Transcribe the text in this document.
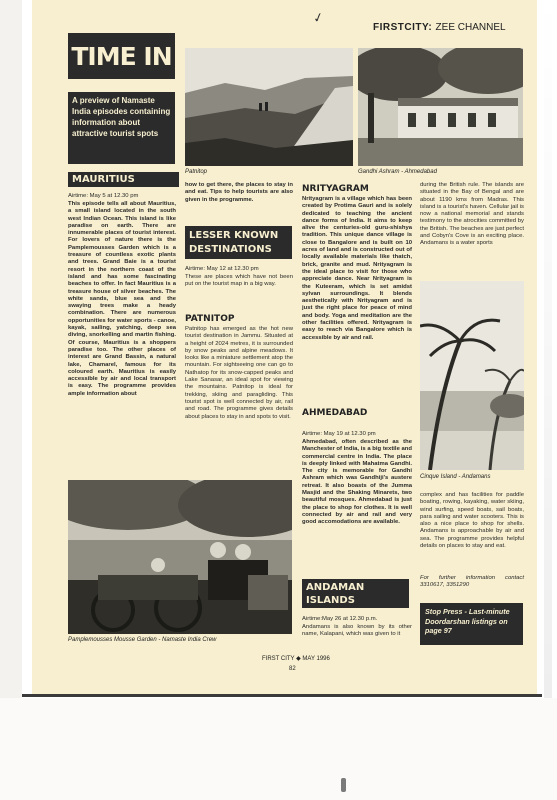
✓
FIRSTCITY: ZEE CHANNEL
TIME IN
A preview of Namaste India episodes containing information about attractive tourist spots
Patnitop	Gandhi Ashram - Ahmedabad
MAURITIUS
Airtime: May 5 at 12.30 pm
This episode tells all about Mauritius, a small island located in the south west Indian Ocean. This island is like paradise on earth. There are innumerable places of tourist interest. For lovers of nature there is the Pamplemousses Garden which is a treasure of countless exotic plants and trees. Grand Baie is a tourist resort in the northern coast of the island and has some fascinating beaches to offer. In fact Mauritius is a treasure house of silver beaches. The white sands, blue sea and the swaying trees make a heady combination. There are numerous opportunities for water sports - canoe, kayak, sailing, yatching, deep sea diving, snorkelling and martin fishing. Of course, Mauritius is a shoppers paradise too. The other places of interest are Grand Bassin, a natural lake, Chamarel, famous for its coloured earth. Mauritius is easily accessible by air and local transport is easy. The programme provides ample information about
Pamplemousses Mousse Garden - Namaste India Crew
how to get there, the places to stay in and eat. Tips to help tourists are also given in the programme.
LESSER KNOWN DESTINATIONS
Airtime: May 12 at 12.30 pm
These are places which have not been put on the tourist map in a big way.
PATNITOP
Patnitop has emerged as the hot new tourist destination in Jammu. Situated at a height of 2024 metres, it is surrounded by snow peaks and alpine meadows. It looks like a miniature settlement atop the mountain. For sightseeing one can go to Nathatop for its snow-capped peaks and Lake Sanasar, an ideal spot for viewing the mountains. Patnitop is ideal for trekking, skiing and paragliding. This tourist spot is well connected by air, rail and road. The programme gives details about places to stay in and spots to visit.
NRITYAGRAM
Nrityagram is a village which has been created by Protima Gauri and is solely dedicated to teaching the ancient dance forms of India. It aims to keep alive the centuries-old guru-shishya tradition. This unique dance village is close to Bangalore and is built on 10 acres of land and is constructed out of locally available materials like thatch, brick, granite and mud. Nrityagram is the ideal place to visit for those who appreciate dance. Near Nrityagram is the Kuteeram, which is set amidst sylvan surroundings. It blends aesthetically with Nrityagram and is just the right place for peace of mind and body. Yoga and meditation are the other facilities offered. Nrityagram is easy to reach via Bangalore which is accessible by air and rail.
AHMEDABAD
Airtime: May 19 at 12.30 pm
Ahmedabad, often described as the Manchester of India, is a big textile and commercial centre in India. The place is deeply linked with Mahatma Gandhi. The city is memorable for Gandhi Ashram which was Gandhiji's austere retreat. It also boasts of the Jumma Masjid and the Shaking Minarets, two beautiful mosques. Ahmedabad is just the place to shop for clothes. It is well connected by air and rail and very good accomodations are available.
ANDAMAN ISLANDS
Airtime:May 26 at 12.30 p.m.
Andamans is also known by its other name, Kalapani, which was given to it
during the British rule. The islands are situated in the Bay of Bengal and are about 1190 kms from Madras. This island is a tourist's haven. Cellular jail is now a national memorial and stands testimony to the atrocities committed by the British. The beaches are just perfect and Cobyn's Cove is an exciting place. Andamans is a water sports
Cinque Island - Andamans
complex and has facilities for paddle boating, rowing, kayaking, water skiing, wind surfing, speed boats, sail boats, para sailing and water scooters. This is also a nice place to shop for shells. Andamans is approachable by air and sea. The programme provides helpful details on places to stay and eat.
For further information contact 3310617, 3351290
Stop Press - Last-minute Doordarshan listings on page 97
FIRST CITY ◆ MAY 1996
82
